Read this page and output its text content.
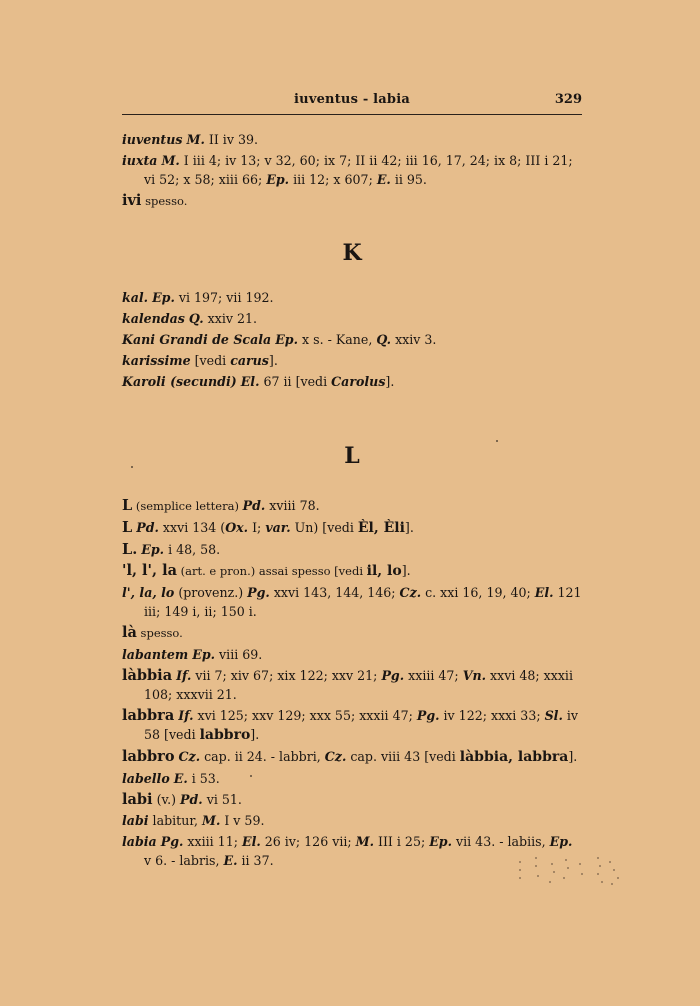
iuventus - labia	329
iuventus M. II iv 39.
iuxta M. I iii 4; iv 13; v 32, 60; ix 7; II ii 42; iii 16, 17, 24; ix 8; III i 21; vi 52; x 58; xiii 66; Ep. iii 12; x 607; E. ii 95.
ivi spesso.
K
kal. Ep. vi 197; vii 192.
kalendas Q. xxiv 21.
Kani Grandi de Scala Ep. x s. - Kane, Q. xxiv 3.
karissime [vedi carus].
Karoli (secundi) El. 67 ii [vedi Carolus].
L
L (semplice lettera) Pd. xviii 78.
L Pd. xxvi 134 (Ox. I; var. Un) [vedi Èl, Èli].
L. Ep. i 48, 58.
'l, l', la (art. e pron.) assai spesso [vedi il, lo].
l', la, lo (provenz.) Pg. xxvi 143, 144, 146; Cz. c. xxi 16, 19, 40; El. 121 iii; 149 i, ii; 150 i.
là spesso.
labantem Ep. viii 69.
làbbia If. vii 7; xiv 67; xix 122; xxv 21; Pg. xxiii 47; Vn. xxvi 48; xxxii 108; xxxvii 21.
labbra If. xvi 125; xxv 129; xxx 55; xxxii 47; Pg. iv 122; xxxi 33; Sl. iv 58 [vedi labbro].
labbro Cz. cap. ii 24. - labbri, Cz. cap. viii 43 [vedi làbbia, labbra].
labello E. i 53.
labi (v.) Pd. vi 51.
labi labitur, M. I v 59.
labia Pg. xxiii 11; El. 26 iv; 126 vii; M. III i 25; Ep. vii 43. - labiis, Ep. v 6. - labris, E. ii 37.
